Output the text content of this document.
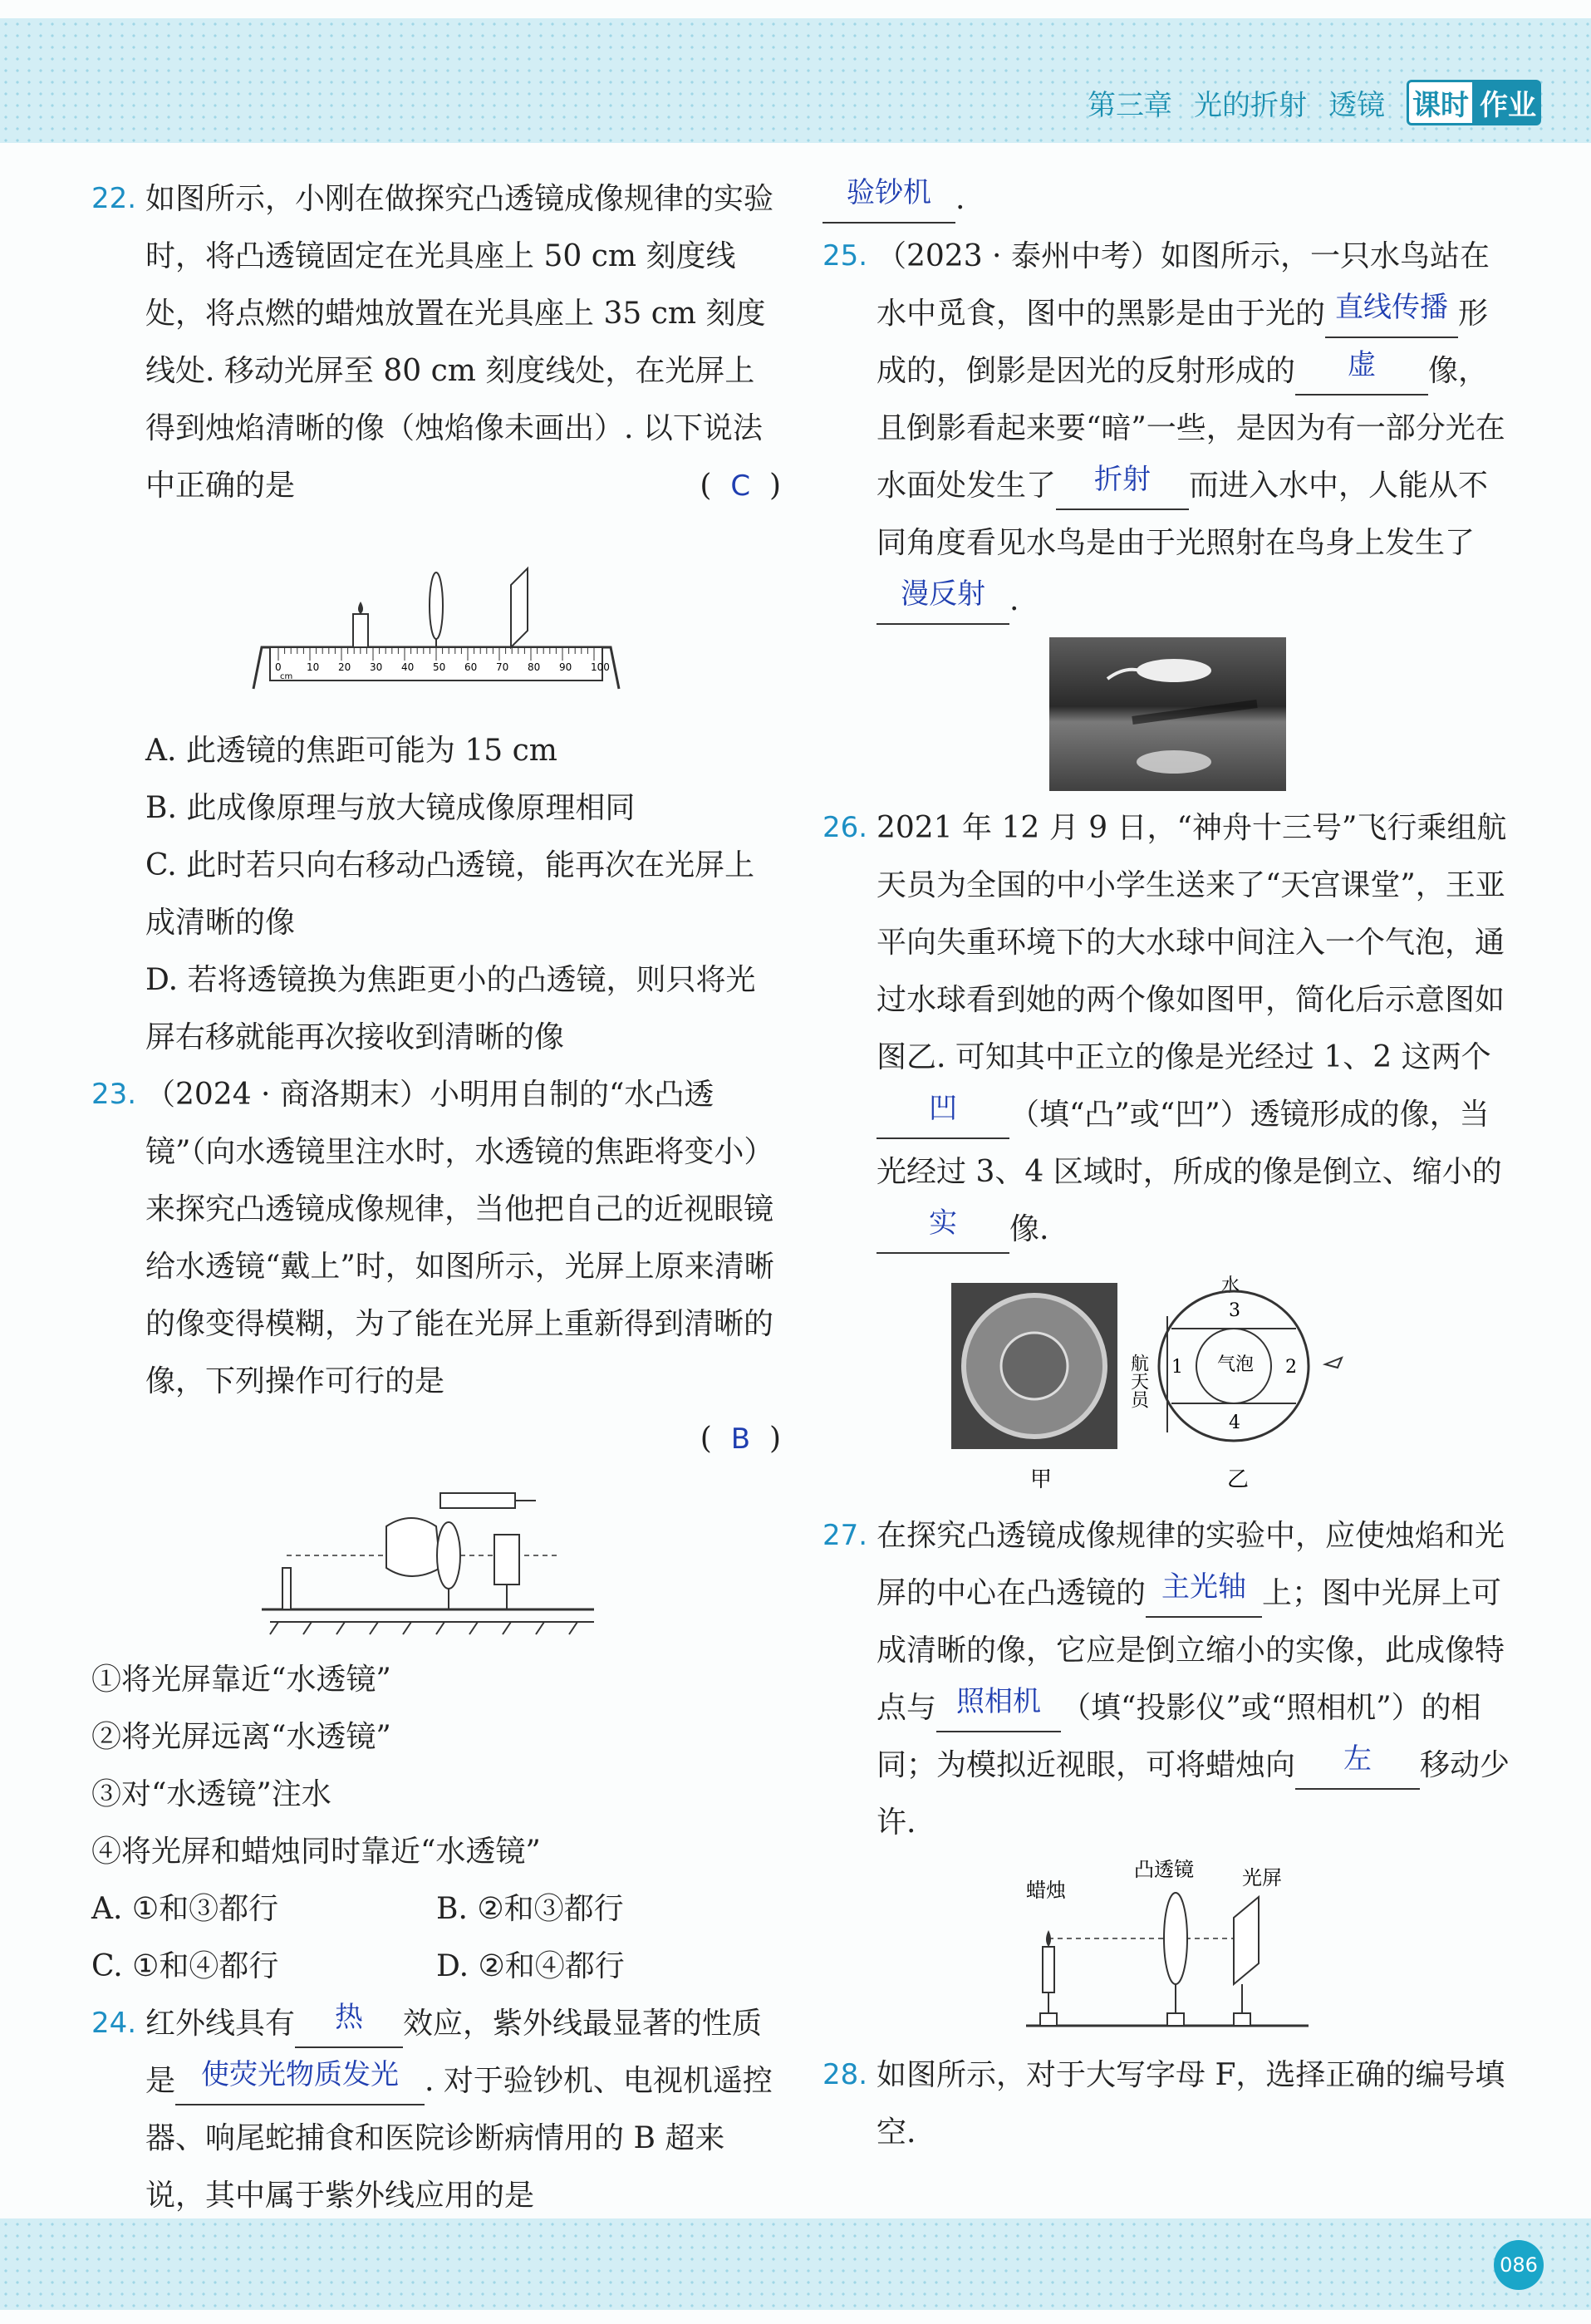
第三章 光的折射 透镜 课时 作业
22. 如图所示，小刚在做探究凸透镜成像规律的实验时，将凸透镜固定在光具座上 50 cm 刻度线处，将点燃的蜡烛放置在光具座上 35 cm 刻度线处. 移动光屏至 80 cm 刻度线处，在光屏上得到烛焰清晰的像（烛焰像未画出）. 以下说法中正确的是	( C )

0	10 20 30 40 50 60 70 80 90 100
cm

A. 此透镜的焦距可能为 15 cm

B. 此成像原理与放大镜成像原理相同

C. 此时若只向右移动凸透镜，能再次在光屏上成清晰的像

D. 若将透镜换为焦距更小的凸透镜，则只将光屏右移就能再次接收到清晰的像

23. （2024 · 商洛期末）小明用自制的“水凸透镜”（向水透镜里注水时，水透镜的焦距将变小）来探究凸透镜成像规律，当他把自己的近视眼镜给水透镜“戴上”时，如图所示，光屏上原来清晰的像变得模糊，为了能在光屏上重新得到清晰的像，下列操作可行的是

( B )

①将光屏靠近“水透镜”

②将光屏远离“水透镜”

③对“水透镜”注水

④将光屏和蜡烛同时靠近“水透镜”

A. ①和③都行	B. ②和③都行

C. ①和④都行	D. ②和④都行

24. 红外线具有 热 效应，紫外线最显著的性质是 使荧光物质发光 . 对于验钞机、电视机遥控器、响尾蛇捕食和医院诊断病情用的 B 超来说，其中属于紫外线应用的是

验钞机 .

25. （2023 · 泰州中考）如图所示，一只水鸟站在水中觅食，图中的黑影是由于光的 直线传播 形成的，倒影是因光的反射形成的 虚 像，且倒影看起来要“暗”一些，是因为有一部分光在水面处发生了 折射 而进入水中，人能从不同角度看见水鸟是由于光照射在鸟身上发生了漫反射 .

26. 2021 年 12 月 9 日，“神舟十三号”飞行乘组航天员为全国的中小学生送来了“天宫课堂”，王亚平向失重环境下的大水球中间注入一个气泡，通过水球看到她的两个像如图甲，简化后示意图如图乙. 可知其中正立的像是光经过 1、2 这两个凹 （填“凸”或“凹”）透镜形成的像，当光经过 3、4 区域时，所成的像是倒立、缩小的实 像.

甲
水
航天员	气泡
1	2
3
4
乙
27. 在探究凸透镜成像规律的实验中，应使烛焰和光屏的中心在凸透镜的 主光轴 上；图中光屏上可成清晰的像，它应是倒立缩小的实像，此成像特点与 照相机 （填“投影仪”或“照相机”）的相同；为模拟近视眼，可将蜡烛向 左 移动少许.

蜡烛
凸透镜 光屏
28. 如图所示，对于大写字母 F，选择正确的编号填空.

086
